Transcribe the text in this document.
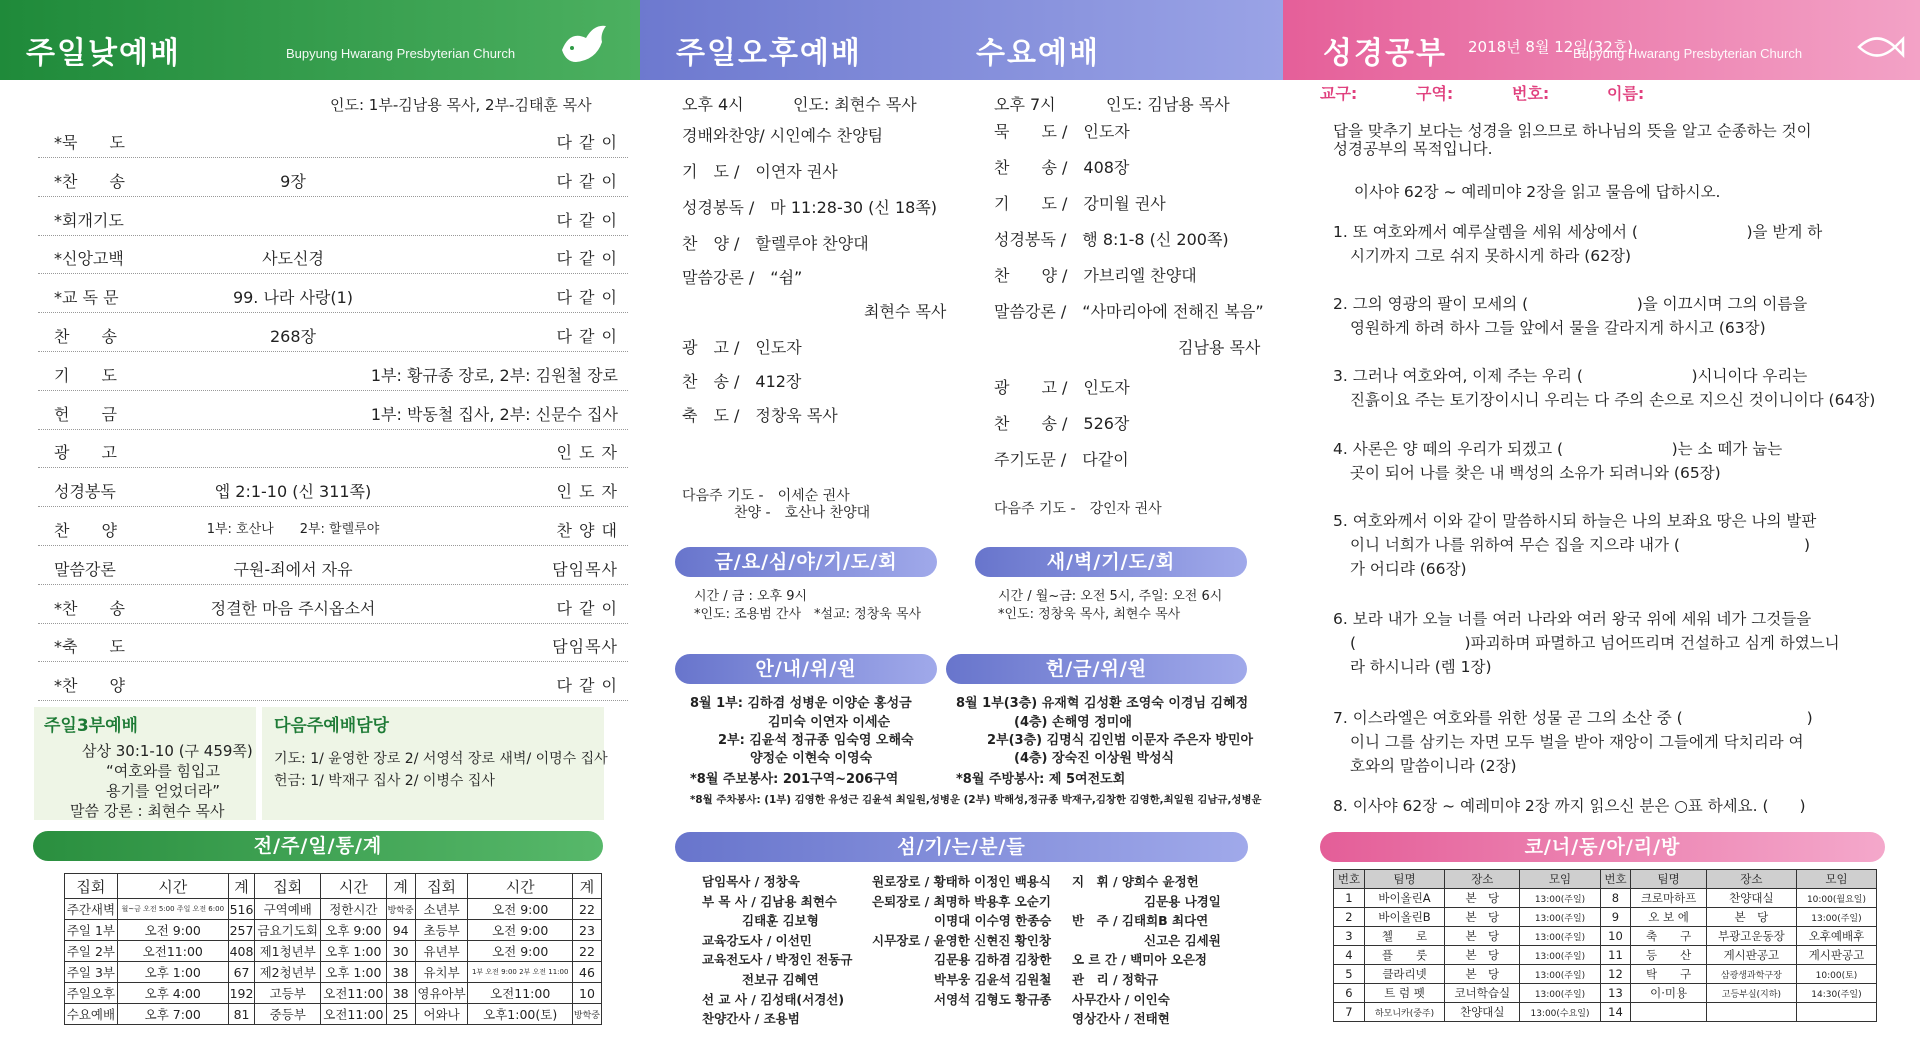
주일낮예배	Bupyung Hwarang Presbyterian Church	주일오후예배	수요예배	성경공부 2018년 8월 12일(32호)
Bupyung Hwarang Presbyterian Church
인도: 1부-김남용 목사, 2부-김태훈 목사
*묵　　도	다 같 이
*찬　　송	9장	다 같 이
*회개기도	다 같 이
*신앙고백	사도신경	다 같 이
*교 독 문	99. 나라 사랑(1)	다 같 이
찬　　송	268장	다 같 이
기　　도	1부: 황규종 장로, 2부: 김원철 장로
헌　　금	1부: 박동철 집사, 2부: 신문수 집사
광　　고	인 도 자
성경봉독	엡 2:1-10 (신 311쪽)	인 도 자
찬　　양	1부: 호산나　　2부: 할렐루야	찬 양 대
말씀강론	구원-죄에서 자유	담임목사
*찬　　송	정결한 마음 주시옵소서	다 같 이
*축　　도	담임목사
*찬　　양	다 같 이
주일3부예배
삼상 30:1-10 (구 459쪽)
“여호와를 힘입고
용기를 얻었더라”
말씀 강론 : 최현수 목사
다음주예배담당
기도: 1/ 윤영한 장로 2/ 서영석 장로 새벽/ 이명수 집사
헌금: 1/ 박재구 집사 2/ 이병수 집사
전/주/일/통/계
집회	시간	계	집회	시간	계	집회	시간	계
주간새벽	월~금 오전 5:00 주일 오전 6:00	516	구역예배	정한시간	방학중	소년부	오전 9:00	22
주일 1부	오전 9:00	257	금요기도회	오후 9:00	94	초등부	오전 9:00	23
주일 2부	오전11:00	408	제1청년부	오후 1:00	30	유년부	오전 9:00	22
주일 3부	오후 1:00	67	제2청년부	오후 1:00	38	유치부	1부 오전 9:00 2부 오전 11:00	46
주일오후	오후 4:00	192	고등부	오전11:00	38	영유아부	오전11:00	10
수요예배	오후 7:00	81	중등부	오전11:00	25	어와나	오후1:00(토)	방학중
오후 4시	인도: 최현수 목사
경배와찬양/ 시인예수 찬양팀
기　도 /　이연자 권사
성경봉독 /　마 11:28-30 (신 18쪽)
찬　양 /　할렐루야 찬양대
말씀강론 /　“쉼”
최현수 목사
광　고 /　인도자
찬　송 /　412장
축　도 /　정창욱 목사
다음주 기도 -　이세순 권사
찬양 -　호산나 찬양대
금/요/심/야/기/도/회
시간 / 금 : 오후 9시
*인도: 조용범 간사　*설교: 정창욱 목사
안/내/위/원
8월 1부: 김하겸 성병운 이양순 홍성금
김미숙 이연자 이세순
2부: 김윤석 정규종 임숙영 오해숙
양정순 이현숙 이영숙
*8월 주보봉사: 201구역~206구역
*8월 주차봉사: (1부) 김영한 유성근 김윤석 최일원,성병운 (2부) 박해성,정규종 박재구,김창한 김영한,최일원 김남규,성병운
섬/기/는/분/들
담임목사 / 정창욱
부 목 사 / 김남용 최현수
김태훈 김보형
교육강도사 / 이선민
교육전도사 / 박정인 전동규
전보규 김혜연
선 교 사 / 김성태(서경선)
찬양간사 / 조용범
원로장로 / 황태하 이정인 백용식
은퇴장로 / 최명하 박용후 오순기
이명대 이수영 한종승
시무장로 / 윤영한 신현진 황인창
김문용 김하겸 김창한
박부웅 김윤석 김원철
서영석 김형도 황규종
지　휘 / 양희수 윤정헌
김문용 나경일
반　주 / 김태희B 최다연
신고은 김세원
오 르 간 / 백미아 오은정
관　리 / 정학규
사무간사 / 이인숙
영상간사 / 전태현
오후 7시	인도: 김남용 목사
묵　　도 /　인도자
찬　　송 /　408장
기　　도 /　강미월 권사
성경봉독 /　행 8:1-8 (신 200쪽)
찬　　양 /　가브리엘 찬양대
말씀강론 /　“사마리아에 전해진 복음”
김남용 목사
광　　고 /　인도자
찬　　송 /　526장
주기도문 /　다같이
다음주 기도 -　강인자 권사
새/벽/기/도/회
시간 / 월~금: 오전 5시, 주일: 오전 6시
*인도: 정창욱 목사, 최현수 목사
헌/금/위/원
8월 1부(3층) 유재혁 김성환 조영숙 이경님 김혜정
(4층) 손해영 정미애
2부(3층) 김명식 김인범 이문자 주은자 방민아
(4층) 장숙진 이상원 박성식
*8월 주방봉사: 제 5여전도회
교구:	구역:	번호:	이름:
답을 맞추기 보다는 성경을 읽으므로 하나님의 뜻을 알고 순종하는 것이
성경공부의 목적입니다.
이사야 62장 ~ 예레미야 2장을 읽고 물음에 답하시오.
1. 또 여호와께서 예루살렘을 세워 세상에서 (　　　　　　　)을 받게 하
시기까지 그로 쉬지 못하시게 하라 (62장)
2. 그의 영광의 팔이 모세의 (　　　　　　　)을 이끄시며 그의 이름을
영원하게 하려 하사 그들 앞에서 물을 갈라지게 하시고 (63장)
3. 그러나 여호와여, 이제 주는 우리 (　　　　　　　)시니이다 우리는
진흙이요 주는 토기장이시니 우리는 다 주의 손으로 지으신 것이니이다 (64장)
4. 사론은 양 떼의 우리가 되겠고 (　　　　　　　)는 소 떼가 눕는
곳이 되어 나를 찾은 내 백성의 소유가 되려니와 (65장)
5. 여호와께서 이와 같이 말씀하시되 하늘은 나의 보좌요 땅은 나의 발판
이니 너희가 나를 위하여 무슨 집을 지으랴 내가 (　　　　　　　　)
가 어디랴 (66장)
6. 보라 내가 오늘 너를 여러 나라와 여러 왕국 위에 세워 네가 그것들을
(　　　　　　　)파괴하며 파멸하고 넘어뜨리며 건설하고 심게 하였느니
라 하시니라 (렘 1장)
7. 이스라엘은 여호와를 위한 성물 곧 그의 소산 중 (　　　　　　　　)
이니 그를 삼키는 자면 모두 벌을 받아 재앙이 그들에게 닥치리라 여
호와의 말씀이니라 (2장)
8. 이사야 62장 ~ 예레미야 2장 까지 읽으신 분은 ○표 하세요. (　　)
코/너/동/아/리/방
번호	팀명	장소	모임	번호	팀명	장소	모임
1	바이올린A	본　당	13:00(주일)	8	크로마하프	찬양대실	10:00(월요일)
2	바이올린B	본　당	13:00(주일)	9	오 보 에	본　당	13:00(주일)
3	첼　　로	본　당	13:00(주일)	10	축　　구	부광고운동장	오후예배후
4	플　　룻	본　당	13:00(주일)	11	등　　산	게시판공고	게시판공고
5	클라리넷	본　당	13:00(주일)	12	탁　　구	삼광생과학구장	10:00(토)
6	트 럼 펫	코너학습실	13:00(주일)	13	이·미용	고등부실(지하)	14:30(주일)
7	하모니카(중주)	찬양대실	13:00(수요일)	14			
